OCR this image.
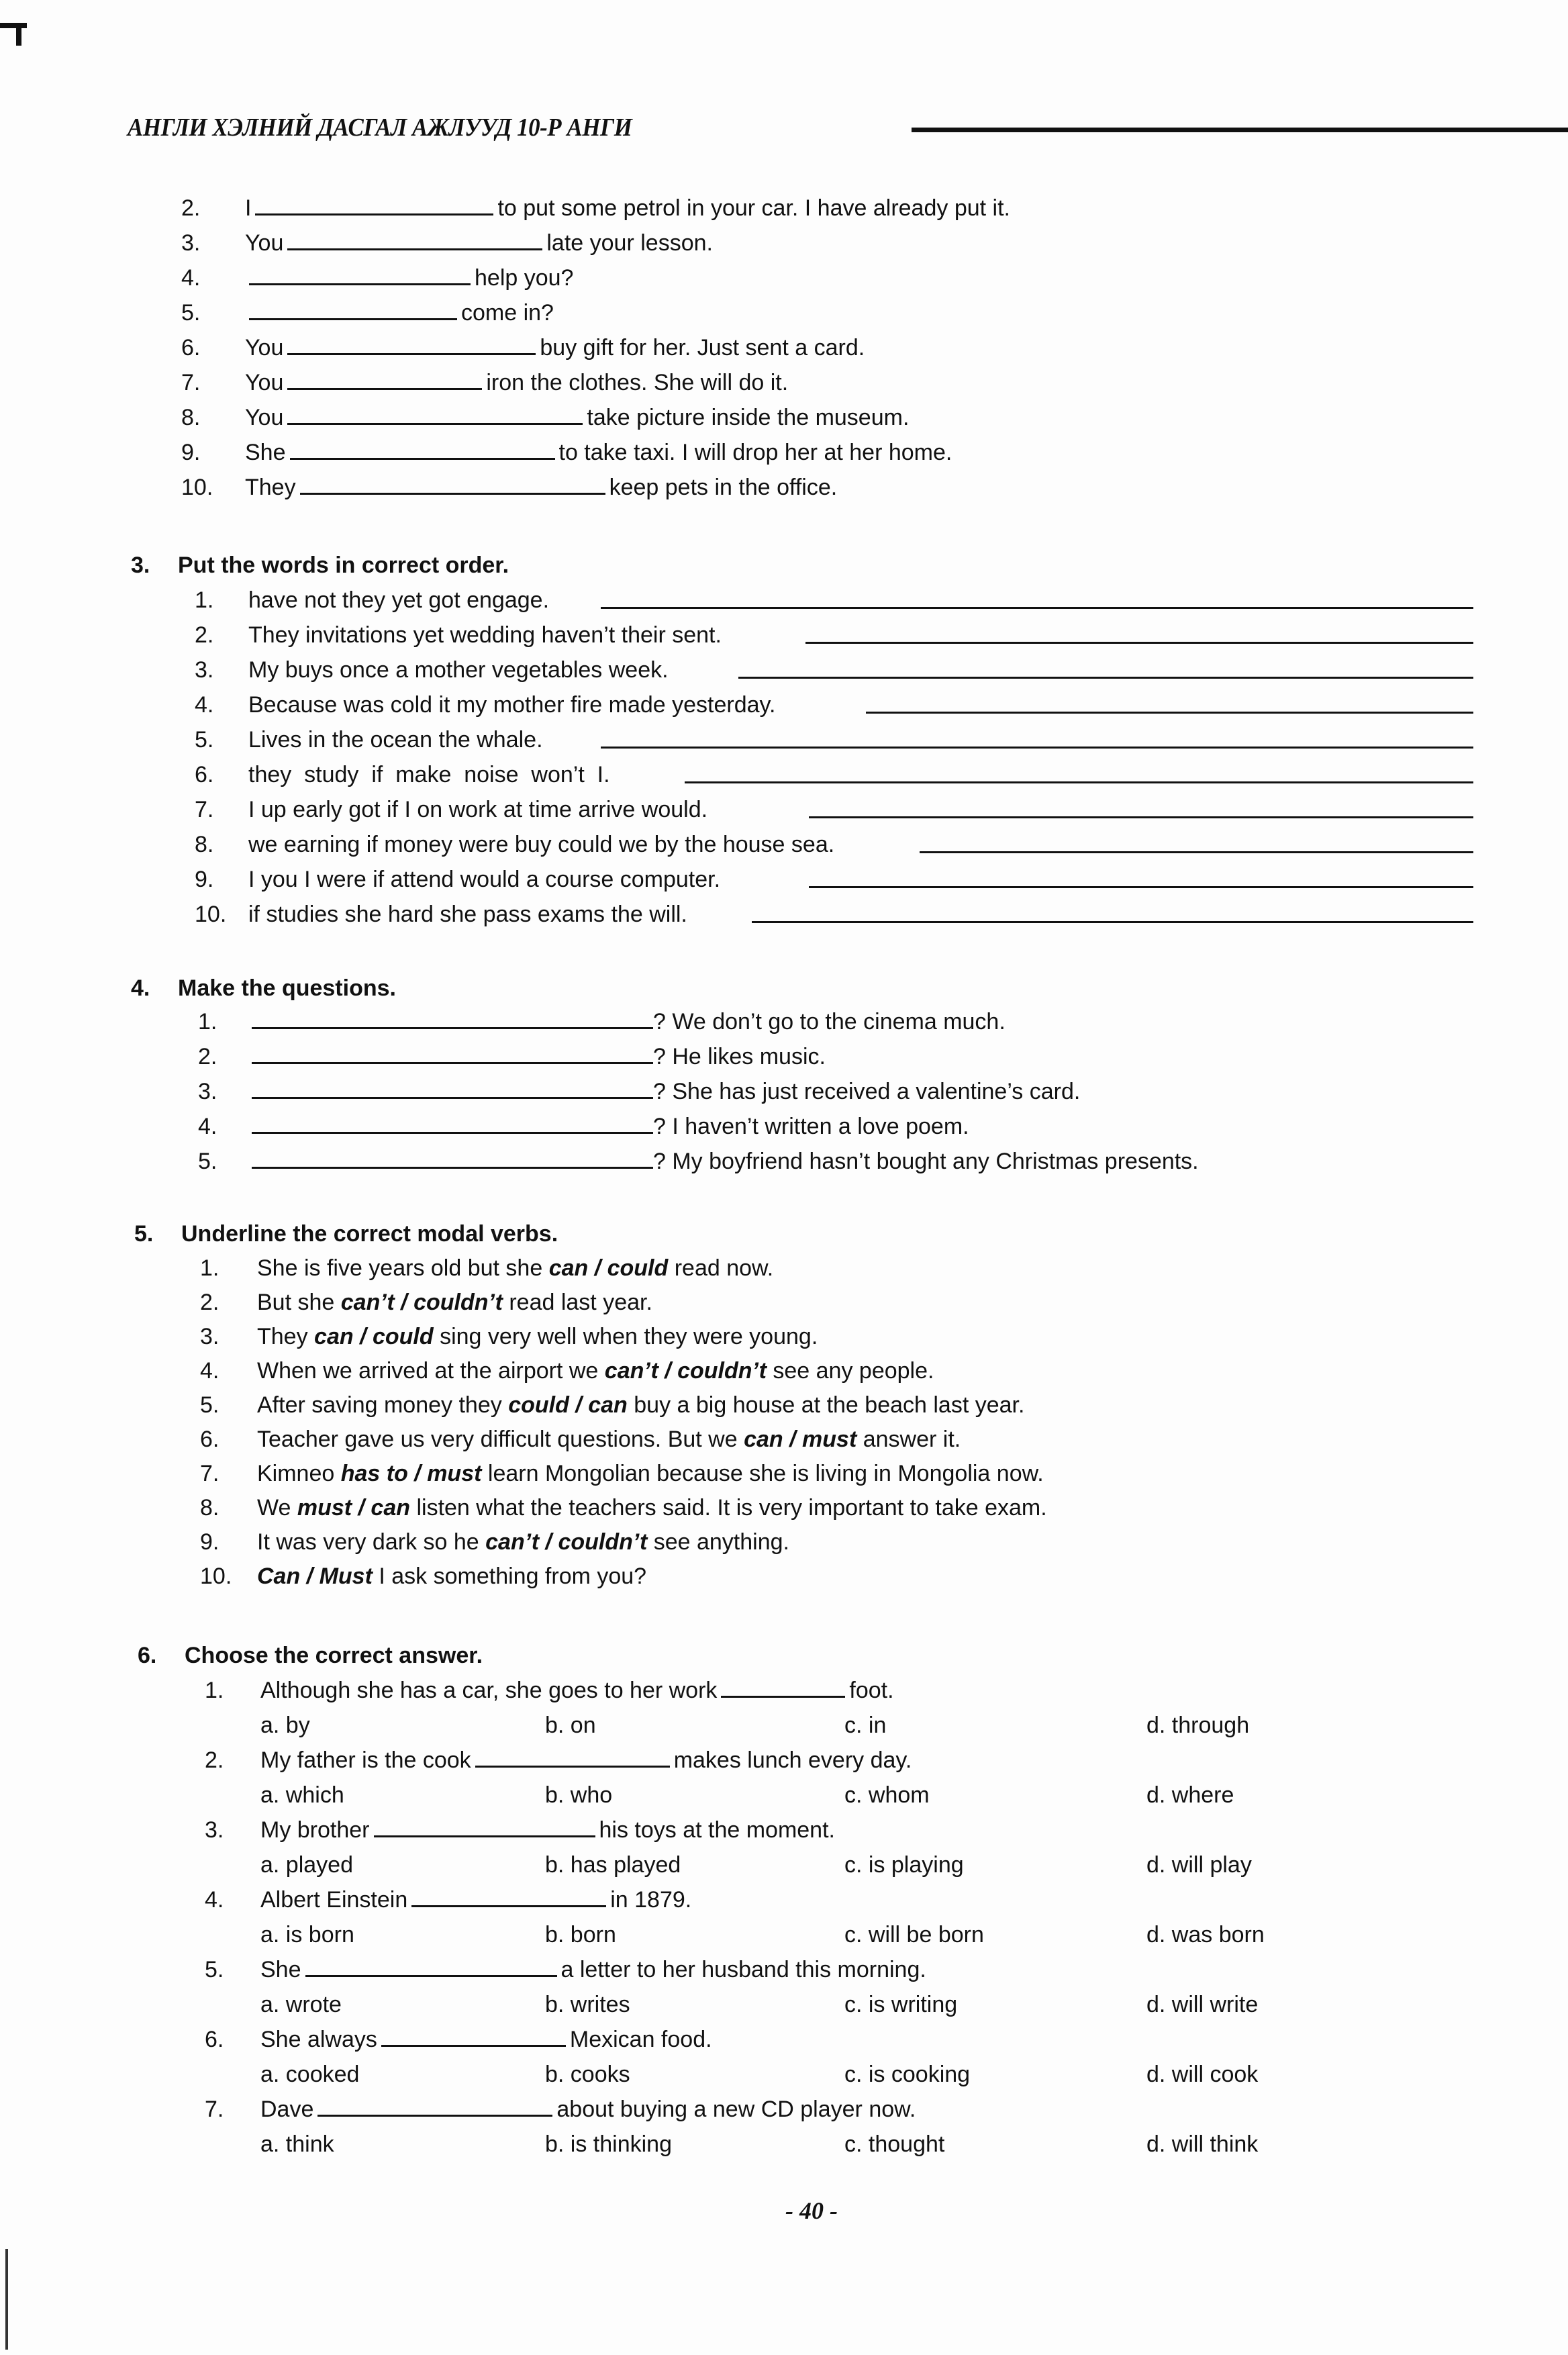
АНГЛИ ХЭЛНИЙ ДАСГАЛ АЖЛУУД 10-Р АНГИ
2. I	to put some petrol in your car. I have already put it.
3. You	late your lesson.
4.	help you?
5.	come in?
6. You	buy gift for her. Just sent a card.
7. You	iron the clothes. She will do it.
8. You	take picture inside the museum.
9. She	to take taxi. I will drop her at her home.
10. They	keep pets in the office.
3. Put the words in correct order.
1. have not they yet got engage.
2. They invitations yet wedding haven’t their sent.
3. My buys once a mother vegetables week.
4. Because was cold it my mother fire made yesterday.
5. Lives in the ocean the whale.
6. they  study  if  make  noise  won’t  I.
7. I up early got if I on work at time arrive would.
8. we earning if money were buy could we by the house sea.
9. I you I were if attend would a course computer.
10. if studies she hard she pass exams the will.
4. Make the questions.
1.	? We don’t go to the cinema much.
2.	? He likes music.
3.	? She has just received a valentine’s card.
4.	? I haven’t written a love poem.
5.	? My boyfriend hasn’t bought any Christmas presents.
5. Underline the correct modal verbs.
1. She is five years old but she can / could read now.
2. But she can’t / couldn’t read last year.
3. They can / could sing very well when they were young.
4. When we arrived at the airport we can’t / couldn’t see any people.
5. After saving money they could / can buy a big house at the beach last year.
6. Teacher gave us very difficult questions. But we can / must answer it.
7. Kimneo has to / must learn Mongolian because she is living in Mongolia now.
8. We must / can listen what the teachers said. It is very important to take exam.
9. It was very dark so he can’t / couldn’t see anything.
10. Can / Must I ask something from you?
6. Choose the correct answer.
1. Although she has a car, she goes to her work	foot.
a. by	b. on	c. in	d. through
2. My father is the cook	makes lunch every day.
a. which	b. who	c. whom	d. where
3. My brother	his toys at the moment.
a. played	b. has played	c. is playing	d. will play
4. Albert Einstein	in 1879.
a. is born	b. born	c. will be born	d. was born
5. She	a letter to her husband this morning.
a. wrote	b. writes	c. is writing	d. will write
6. She always	Mexican food.
a. cooked	b. cooks	c. is cooking	d. will cook
7. Dave	about buying a new CD player now.
a. think	b. is thinking	c. thought	d. will think
- 40 -
